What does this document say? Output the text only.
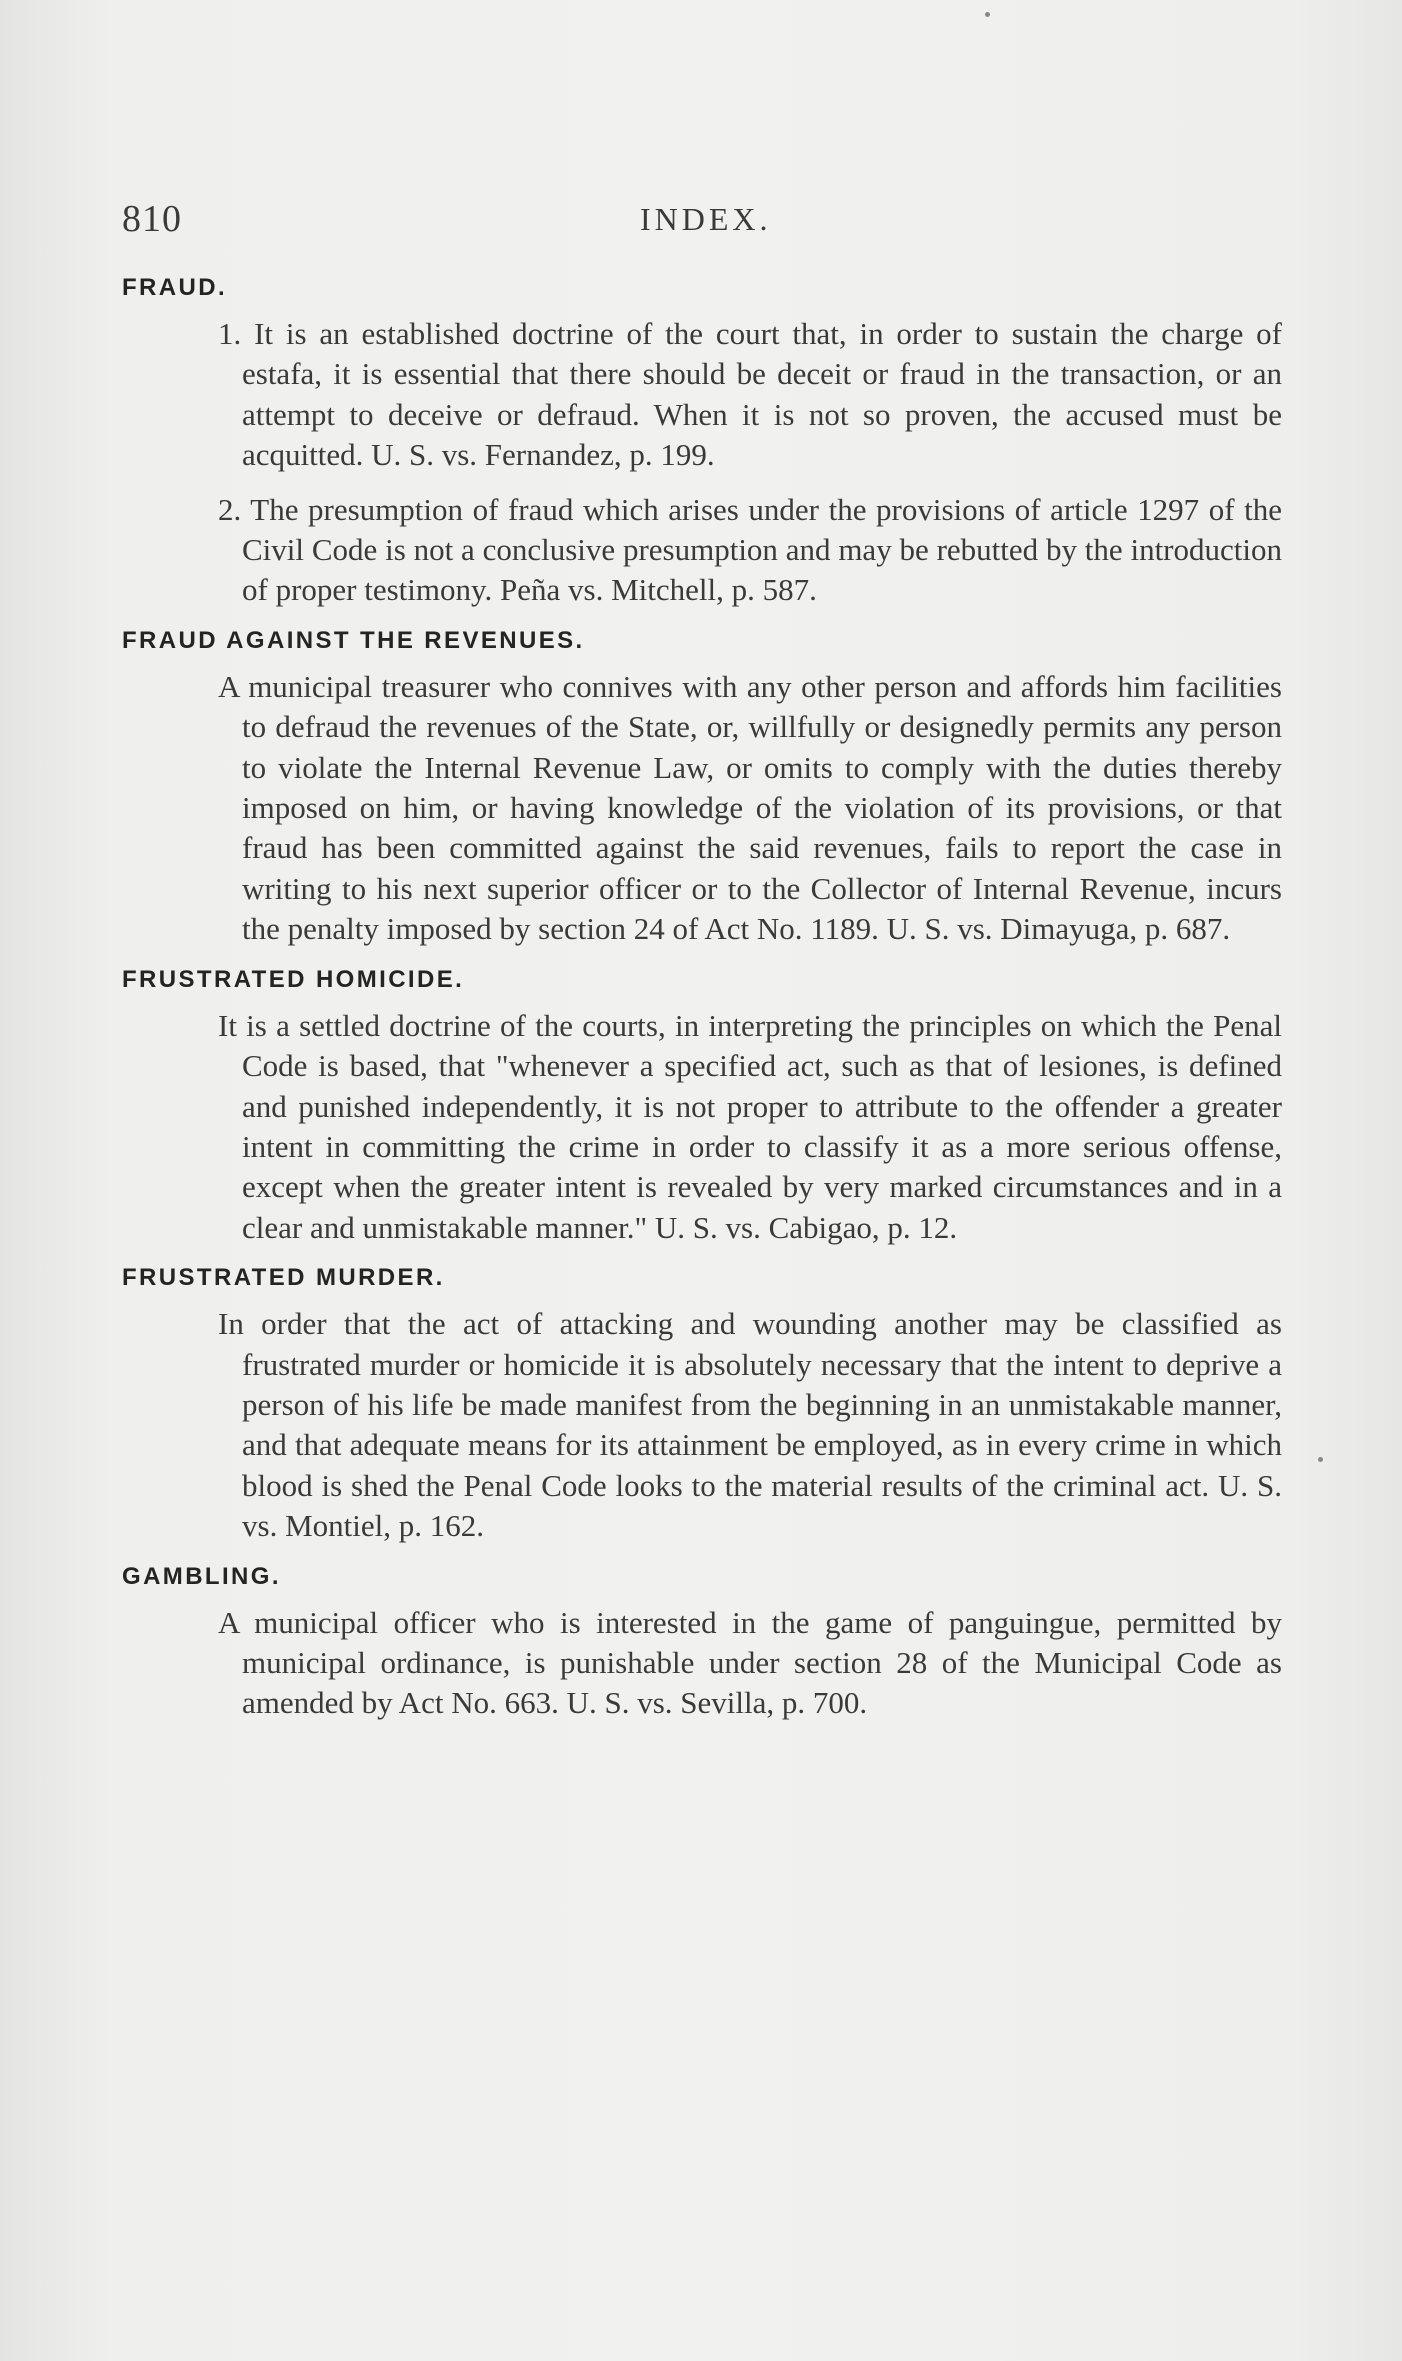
810	INDEX.
FRAUD.

1. It is an established doctrine of the court that, in order to sustain the charge of estafa, it is essential that there should be deceit or fraud in the transaction, or an attempt to deceive or defraud. When it is not so proven, the accused must be acquitted. U. S. vs. Fernandez, p. 199.

2. The presumption of fraud which arises under the provisions of article 1297 of the Civil Code is not a conclusive presumption and may be rebutted by the introduction of proper testimony. Peña vs. Mitchell, p. 587.

FRAUD AGAINST THE REVENUES.

A municipal treasurer who connives with any other person and affords him facilities to defraud the revenues of the State, or, willfully or designedly permits any person to violate the Internal Revenue Law, or omits to comply with the duties thereby imposed on him, or having knowledge of the violation of its provisions, or that fraud has been committed against the said revenues, fails to report the case in writing to his next superior officer or to the Collector of Internal Revenue, incurs the penalty imposed by section 24 of Act No. 1189. U. S. vs. Dimayuga, p. 687.

FRUSTRATED HOMICIDE.

It is a settled doctrine of the courts, in interpreting the principles on which the Penal Code is based, that "whenever a specified act, such as that of lesiones, is defined and punished independently, it is not proper to attribute to the offender a greater intent in committing the crime in order to classify it as a more serious offense, except when the greater intent is revealed by very marked circumstances and in a clear and unmistakable manner." U. S. vs. Cabigao, p. 12.

FRUSTRATED MURDER.

In order that the act of attacking and wounding another may be classified as frustrated murder or homicide it is absolutely necessary that the intent to deprive a person of his life be made manifest from the beginning in an unmistakable manner, and that adequate means for its attainment be employed, as in every crime in which blood is shed the Penal Code looks to the material results of the criminal act. U. S. vs. Montiel, p. 162.

GAMBLING.

A municipal officer who is interested in the game of panguingue, permitted by municipal ordinance, is punishable under section 28 of the Municipal Code as amended by Act No. 663. U. S. vs. Sevilla, p. 700.
